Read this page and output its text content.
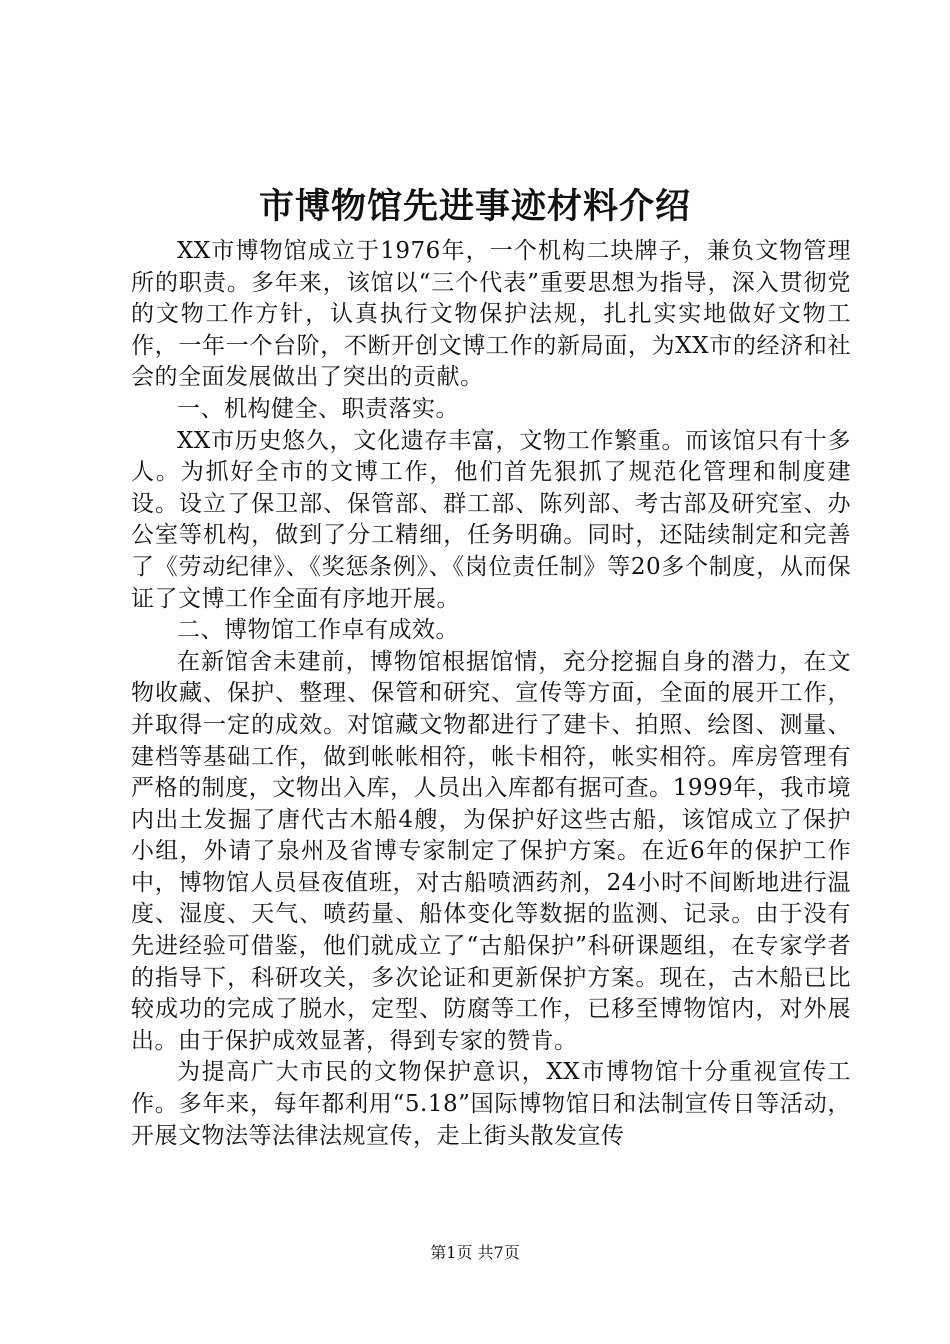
市博物馆先进事迹材料介绍

XX市博物馆成立于1976年，一个机构二块牌子，兼负文物管理所的职责。多年来，该馆以“三个代表”重要思想为指导，深入贯彻党的文物工作方针，认真执行文物保护法规，扎扎实实地做好文物工作，一年一个台阶，不断开创文博工作的新局面，为XX市的经济和社会的全面发展做出了突出的贡献。

一、机构健全、职责落实。

XX市历史悠久，文化遗存丰富，文物工作繁重。而该馆只有十多人。为抓好全市的文博工作，他们首先狠抓了规范化管理和制度建设。设立了保卫部、保管部、群工部、陈列部、考古部及研究室、办公室等机构，做到了分工精细，任务明确。同时，还陆续制定和完善了《劳动纪律》、《奖惩条例》、《岗位责任制》等20多个制度，从而保证了文博工作全面有序地开展。

二、博物馆工作卓有成效。

在新馆舍未建前，博物馆根据馆情，充分挖掘自身的潜力，在文物收藏、保护、整理、保管和研究、宣传等方面，全面的展开工作，并取得一定的成效。对馆藏文物都进行了建卡、拍照、绘图、测量、建档等基础工作，做到帐帐相符，帐卡相符，帐实相符。库房管理有严格的制度，文物出入库，人员出入库都有据可查。1999年，我市境内出土发掘了唐代古木船4艘，为保护好这些古船，该馆成立了保护小组，外请了泉州及省博专家制定了保护方案。在近6年的保护工作中，博物馆人员昼夜值班，对古船喷洒药剂，24小时不间断地进行温度、湿度、天气、喷药量、船体变化等数据的监测、记录。由于没有先进经验可借鉴，他们就成立了“古船保护”科研课题组，在专家学者的指导下，科研攻关，多次论证和更新保护方案。现在，古木船已比较成功的完成了脱水，定型、防腐等工作，已移至博物馆内，对外展出。由于保护成效显著，得到专家的赞肯。

为提高广大市民的文物保护意识，XX市博物馆十分重视宣传工作。多年来，每年都利用“5.18”国际博物馆日和法制宣传日等活动，开展文物法等法律法规宣传，走上街头散发宣传

第1页 共7页
